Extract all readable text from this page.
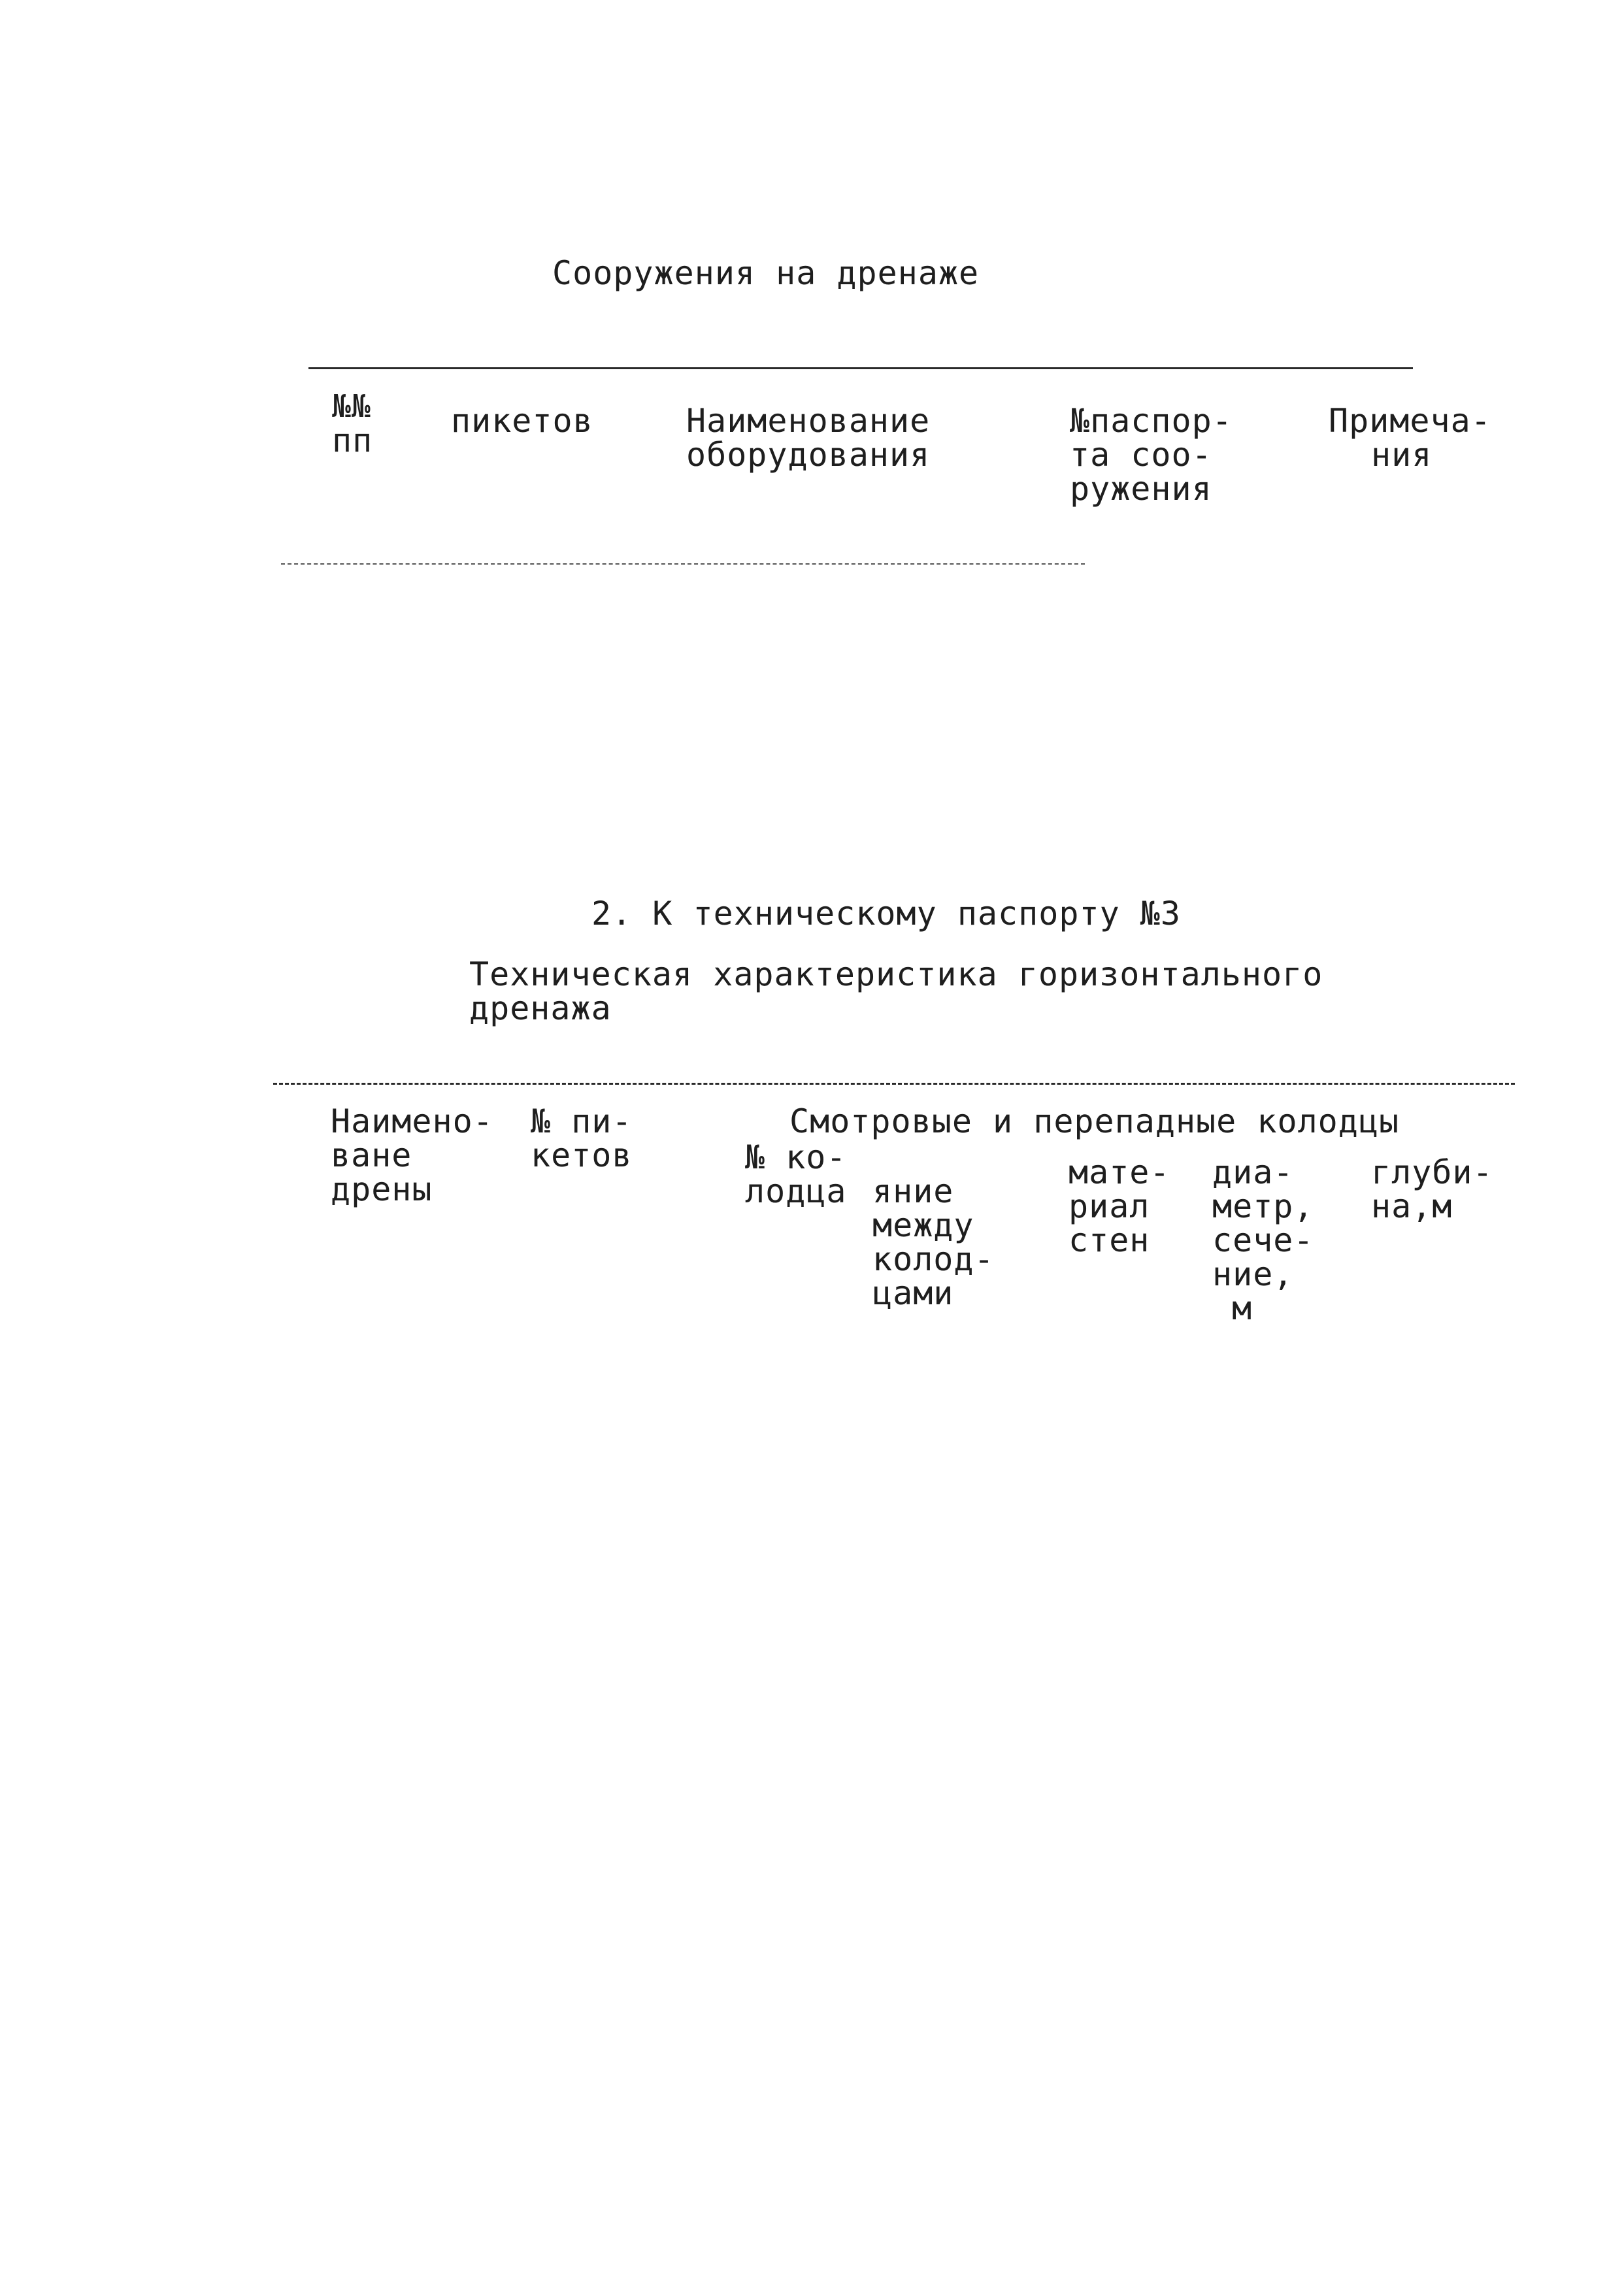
Сооружения на дренаже
№№
пп
пикетов	Наименование
оборудования
№паспор-
та соо-
ружения
Примеча-
ния
2. К техническому паспорту №3
Техническая характеристика горизонтального
дренажа
Наимено-
ване
дрены
№ пи-
кетов
Смотровые и перепадные колодцы
№ ко-
лодца яние
между
колод-
цами
мате-
риал
стен
диа-
метр,
сече-
ние,
м
глуби-
на,м
